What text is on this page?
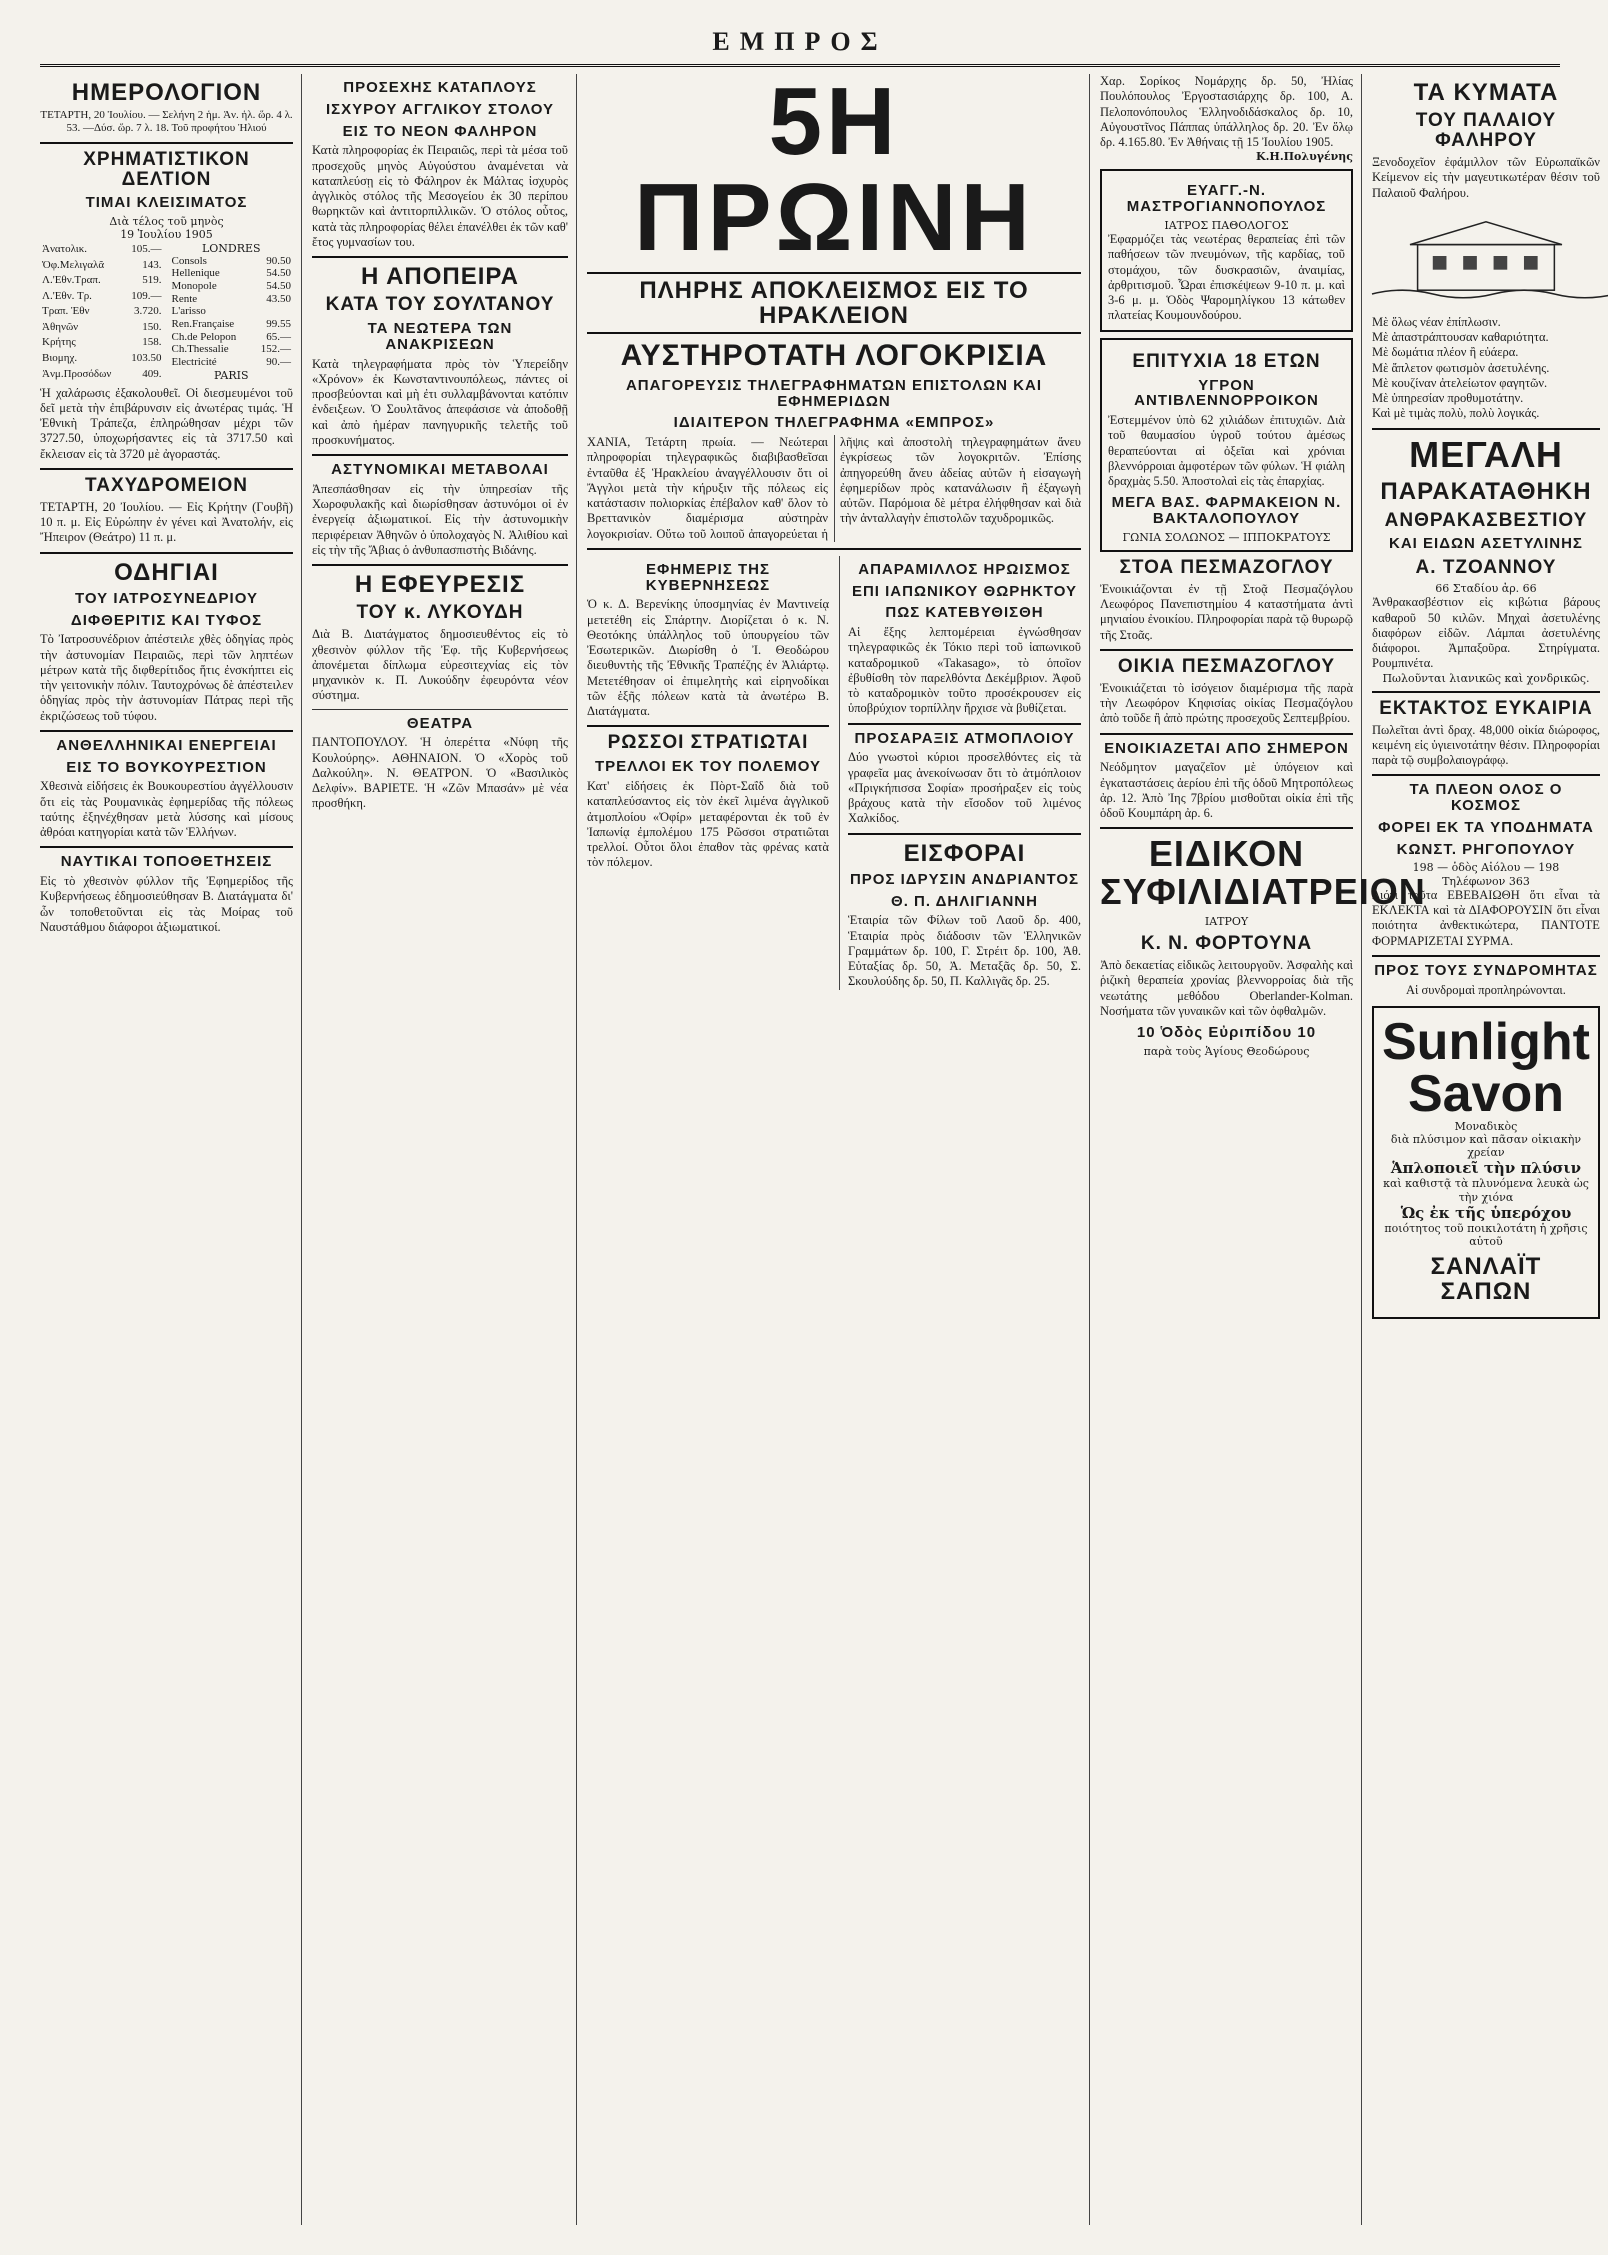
ΕΜΠΡΟΣ
ΗΜΕΡΟΛΟΓΙΟΝ
ΤΕΤΑΡΤΗ, 20 Ἰουλίου. — Σελήνη 2 ἡμ. Ἀν. ἡλ. ὥρ. 4 λ. 53. —Δύσ. ὥρ. 7 λ. 18. Τοῦ προφήτου Ἠλιού
ΧΡΗΜΑΤΙΣΤΙΚΟΝ ΔΕΛΤΙΟΝ
ΤΙΜΑΙ ΚΛΕΙΣΙΜΑΤΟΣ
Διὰ τέλος τοῦ μηνὸς
19 Ἰουλίου 1905
Ἀνατολικ.	105.—
Ὀφ.Μελιγαλᾶ	143.
Λ.'Εθν.Τραπ.	519.
Λ.'Εθν. Τρ.	109.—
Τραπ. Ἐθν	3.720.
Ἀθηνῶν	150.
Κρήτης	158.
Βιομηχ.	103.50
Ἀνμ.Προσόδων	409.
LONDRES
Consols	90.50
Hellenique	54.50
Monopole	54.50
Rente	43.50
L'arisso	
Ren.Française	99.55
Ch.de Pelopon	65.—
Ch.Thessalie	152.—
Electricité	90.—
PARIS
Ἡ χαλάρωσις ἐξακολουθεῖ. Οἱ διεσμευμένοι τοῦ δεῖ μετὰ τὴν ἐπιβάρυνσιν εἰς ἀνωτέρας τιμάς. Ἡ Ἐθνικὴ Τράπεζα, ἐπληρώθησαν μέχρι τῶν 3727.50, ὑποχωρήσαντες εἰς τὰ 3717.50 καὶ ἔκλεισαν εἰς τὰ 3720 μὲ ἀγοραστάς.
ΤΑΧΥΔΡΟΜΕΙΟΝ
ΤΕΤΑΡΤΗ, 20 Ἰουλίου. — Εἰς Κρήτην (Γουβῆ) 10 π. μ. Εἰς Εὐρώπην ἐν γένει καὶ Ἀνατολήν, εἰς Ἤπειρον (Θεάτρο) 11 π. μ.
ΟΔΗΓΙΑΙ
ΤΟΥ ΙΑΤΡΟΣΥΝΕΔΡΙΟΥ
ΔΙΦΘΕΡΙΤΙΣ ΚΑΙ ΤΥΦΟΣ
Τὸ Ἰατροσυνέδριον ἀπέστειλε χθὲς ὁδηγίας πρὸς τὴν ἀστυνομίαν Πειραιῶς, περὶ τῶν ληπτέων μέτρων κατὰ τῆς διφθερίτιδος ἥτις ἐνσκήπτει εἰς τὴν γειτονικὴν πόλιν. Ταυτοχρόνως δὲ ἀπέστειλεν ὁδηγίας πρὸς τὴν ἀστυνομίαν Πάτρας περὶ τῆς ἐκριζώσεως τοῦ τύφου.
ΑΝΘΕΛΛΗΝΙΚΑΙ ΕΝΕΡΓΕΙΑΙ
ΕΙΣ ΤΟ ΒΟΥΚΟΥΡΕΣΤΙΟΝ
Χθεσινὰ εἰδήσεις ἐκ Βουκουρεστίου ἀγγέλλουσιν ὅτι εἰς τὰς Ρουμανικὰς ἐφημερίδας τῆς πόλεως ταύτης ἐξηνέχθησαν μετὰ λύσσης καὶ μίσους ἀθρόαι κατηγορίαι κατὰ τῶν Ἑλλήνων.
ΝΑΥΤΙΚΑΙ ΤΟΠΟΘΕΤΗΣΕΙΣ
Εἰς τὸ χθεσινὸν φύλλον τῆς Ἐφημερίδος τῆς Κυβερνήσεως ἐδημοσιεύθησαν Β. Διατάγματα δι' ὧν τοποθετοῦνται εἰς τὰς Μοίρας τοῦ Ναυστάθμου διάφοροι ἀξιωματικοί.
ΠΡΟΣΕΧΗΣ ΚΑΤΑΠΛΟΥΣ
ΙΣΧΥΡΟΥ ΑΓΓΛΙΚΟΥ ΣΤΟΛΟΥ
ΕΙΣ ΤΟ ΝΕΟΝ ΦΑΛΗΡΟΝ
Κατὰ πληροφορίας ἐκ Πειραιῶς, περὶ τὰ μέσα τοῦ προσεχοῦς μηνὸς Αὐγούστου ἀναμένεται νὰ καταπλεύσῃ εἰς τὸ Φάληρον ἐκ Μάλτας ἰσχυρὸς ἀγγλικὸς στόλος τῆς Μεσογείου ἐκ 30 περίπου θωρηκτῶν καὶ ἀντιτορπιλλικῶν. Ὁ στόλος οὗτος, κατὰ τὰς πληροφορίας θέλει ἐπανέλθει ἐκ τῶν καθ' ἔτος γυμνασίων του.
Η ΑΠΟΠΕΙΡΑ
ΚΑΤΑ ΤΟΥ ΣΟΥΛΤΑΝΟΥ
ΤΑ ΝΕΩΤΕΡΑ ΤΩΝ ΑΝΑΚΡΙΣΕΩΝ
Κατὰ τηλεγραφήματα πρὸς τὸν Ὑπερείδην «Χρόνον» ἐκ Κωνσταντινουπόλεως, πάντες οἱ προσβεύονται καὶ μὴ ἐτι συλλαμβάνονται κατόπιν ἐνδειξεων. Ὁ Σουλτᾶνος ἀπεφάσισε νὰ ἀποδοθῇ καὶ ἀπὸ ἡμέραν πανηγυρικῆς τελετῆς τοῦ προσκυνήματος.
ΑΣΤΥΝΟΜΙΚΑΙ ΜΕΤΑΒΟΛΑΙ
Ἀπεσπάσθησαν εἰς τὴν ὑπηρεσίαν τῆς Χωροφυλακῆς καὶ διωρίσθησαν ἀστυνόμοι οἱ ἐν ἐνεργείᾳ ἀξιωματικοί. Εἰς τὴν ἀστυνομικὴν περιφέρειαν Ἀθηνῶν ὁ ὑπολοχαγὸς Ν. Ἀλιθίου καὶ εἰς τὴν τῆς Ἄβιας ὁ ἀνθυπασπιστὴς Βιδάνης.
Η ΕΦΕΥΡΕΣΙΣ
ΤΟΥ κ. ΛΥΚΟΥΔΗ
Διὰ Β. Διατάγματος δημοσιευθέντος εἰς τὸ χθεσινὸν φύλλον τῆς Ἐφ. τῆς Κυβερνήσεως ἀπονέμεται δίπλωμα εὑρεσιτεχνίας εἰς τὸν μηχανικὸν κ. Π. Λυκούδην ἐφευρόντα νέον σύστημα.
ΘΕΑΤΡΑ
ΠΑΝΤΟΠΟΥΛΟΥ. Ἡ ὀπερέττα «Νύφη τῆς Κουλούρης». ΑΘΗΝΑΙΟΝ. Ὁ «Χορὸς τοῦ Δαλκούλη». Ν. ΘΕΑΤΡΟΝ. Ὁ «Βασιλικὸς Δελφίν». ΒΑΡΙΕΤΕ. Ἡ «Ζῶν Μπασάν» μὲ νέα προσθήκη.
5Η ΠΡΩΙΝΗ
ΠΛΗΡΗΣ ΑΠΟΚΛΕΙΣΜΟΣ ΕΙΣ ΤΟ ΗΡΑΚΛΕΙΟΝ
ΑΥΣΤΗΡΟΤΑΤΗ ΛΟΓΟΚΡΙΣΙΑ
ΑΠΑΓΟΡΕΥΣΙΣ ΤΗΛΕΓΡΑΦΗΜΑΤΩΝ ΕΠΙΣΤΟΛΩΝ ΚΑΙ ΕΦΗΜΕΡΙΔΩΝ
ΙΔΙΑΙΤΕΡΟΝ ΤΗΛΕΓΡΑΦΗΜΑ «ΕΜΠΡΟΣ»
ΧΑΝΙΑ, Τετάρτη πρωία. — Νεώτεραι πληροφορίαι τηλεγραφικῶς διαβιβασθεῖσαι ἐνταῦθα ἐξ Ἡρακλείου ἀναγγέλλουσιν ὅτι οἱ Ἄγγλοι μετὰ τὴν κήρυξιν τῆς πόλεως εἰς κατάστασιν πολιορκίας ἐπέβαλον καθ' ὅλον τὸ Βρεττανικὸν διαμέρισμα αὐστηρὰν λογοκρισίαν. Οὕτω τοῦ λοιποῦ ἀπαγορεύεται ἡ λῆψις καὶ ἀποστολὴ τηλεγραφημάτων ἄνευ ἐγκρίσεως τῶν λογοκριτῶν. Ἐπίσης ἀπηγορεύθη ἄνευ ἀδείας αὐτῶν ἡ εἰσαγωγὴ ἐφημερίδων πρὸς κατανάλωσιν ἢ ἐξαγωγὴ αὐτῶν. Παρόμοια δὲ μέτρα ἐλήφθησαν καὶ διὰ τὴν ἀνταλλαγὴν ἐπιστολῶν ταχυδρομικῶς.
ΕΦΗΜΕΡΙΣ ΤΗΣ ΚΥΒΕΡΝΗΣΕΩΣ
Ὁ κ. Δ. Βερενίκης ὑποσμηνίας ἐν Μαντινείᾳ μετετέθη εἰς Σπάρτην. Διορίζεται ὁ κ. Ν. Θεοτόκης ὑπάλληλος τοῦ ὑπουργείου τῶν Ἐσωτερικῶν. Διωρίσθη ὁ Ἰ. Θεοδώρου διευθυντὴς τῆς Ἐθνικῆς Τραπέζης ἐν Ἁλιάρτῳ. Μετετέθησαν οἱ ἐπιμελητὴς καὶ εἰρηνοδίκαι τῶν ἑξῆς πόλεων κατὰ τὰ ἀνωτέρω Β. Διατάγματα.
ΡΩΣΣΟΙ ΣΤΡΑΤΙΩΤΑΙ
ΤΡΕΛΛΟΙ ΕΚ ΤΟΥ ΠΟΛΕΜΟΥ
Κατ' εἰδήσεις ἐκ Πὸρτ-Σαΐδ διὰ τοῦ καταπλεύσαντος εἰς τὸν ἐκεῖ λιμένα ἀγγλικοῦ ἀτμοπλοίου «Ὀφίρ» μεταφέρονται ἐκ τοῦ ἐν Ἰαπωνίᾳ ἐμπολέμου 175 Ρῶσσοι στρατιῶται τρελλοί. Οὗτοι ὅλοι ἐπαθον τὰς φρένας κατὰ τὸν πόλεμον.
ΑΠΑΡΑΜΙΛΛΟΣ ΗΡΩΙΣΜΟΣ
ΕΠΙ ΙΑΠΩΝΙΚΟΥ ΘΩΡΗΚΤΟΥ
ΠΩΣ ΚΑΤΕΒΥΘΙΣΘΗ
Αἱ ἔξης λεπτομέρειαι ἐγνώσθησαν τηλεγραφικῶς ἐκ Τόκιο περὶ τοῦ ἰαπωνικοῦ καταδρομικοῦ «Takasago», τὸ ὁποῖον ἐβυθίσθη τὸν παρελθόντα Δεκέμβριον. Ἀφοῦ τὸ καταδρομικὸν τοῦτο προσέκρουσεν εἰς ὑποβρύχιον τορπίλλην ἤρχισε νὰ βυθίζεται.
ΠΡΟΣΑΡΑΞΙΣ ΑΤΜΟΠΛΟΙΟΥ
Δύο γνωστοὶ κύριοι προσελθόντες εἰς τὰ γραφεῖα μας ἀνεκοίνωσαν ὅτι τὸ ἀτμόπλοιον «Πριγκήπισσα Σοφία» προσήραξεν εἰς τοὺς βράχους κατὰ τὴν εἴσοδον τοῦ λιμένος Χαλκίδος.
ΕΙΣΦΟΡΑΙ
ΠΡΟΣ ΙΔΡΥΣΙΝ ΑΝΔΡΙΑΝΤΟΣ
Θ. Π. ΔΗΛΙΓΙΑΝΝΗ
Ἑταιρία τῶν Φίλων τοῦ Λαοῦ δρ. 400, Ἑταιρία πρὸς διάδοσιν τῶν Ἑλληνικῶν Γραμμάτων δρ. 100, Γ. Στρέιτ δρ. 100, Ἀθ. Εὐταξίας δρ. 50, Ἀ. Μεταξᾶς δρ. 50, Σ. Σκουλούδης δρ. 50, Π. Καλλιγᾶς δρ. 25.
Χαρ. Σορίκος Νομάρχης δρ. 50, Ἠλίας Πουλόπουλος Ἐργοστασιάρχης δρ. 100, Α. Πελοπονόπουλος Ἑλληνοδιδάσκαλος δρ. 10, Αὐγουστῖνος Πάππας ὑπάλληλος δρ. 20. Ἐν ὅλῳ δρ. 4.165.80. Ἐν Ἀθήναις τῇ 15 Ἰουλίου 1905.
Κ.Η.Πολυγένης
ΕΥΑΓΓ.-Ν. ΜΑΣΤΡΟΓΙΑΝΝΟΠΟΥΛΟΣ
ΙΑΤΡΟΣ ΠΑΘΟΛΟΓΟΣ
Ἐφαρμόζει τὰς νεωτέρας θεραπείας ἐπὶ τῶν παθήσεων τῶν πνευμόνων, τῆς καρδίας, τοῦ στομάχου, τῶν δυσκρασιῶν, ἀναιμίας, ἀρθριτισμοῦ. Ὧραι ἐπισκέψεων 9-10 π. μ. καὶ 3-6 μ. μ. Ὁδὸς Ψαρομηλίγκου 13 κάτωθεν πλατείας Κουμουνδούρου.
ΕΠΙΤΥΧΙΑ 18 ΕΤΩΝ
ΥΓΡΟΝ ΑΝΤΙΒΛΕΝΝΟΡΡΟΙΚΟΝ
Ἐστεμμένον ὑπὸ 62 χιλιάδων ἐπιτυχιῶν. Διὰ τοῦ θαυμασίου ὑγροῦ τούτου ἀμέσως θεραπεύονται αἱ ὀξεῖαι καὶ χρόνιαι βλεννόρροιαι ἀμφοτέρων τῶν φύλων. Ἡ φιάλη δραχμὰς 5.50. Ἀποστολαὶ εἰς τὰς ἐπαρχίας.
ΜΕΓΑ ΒΑΣ. ΦΑΡΜΑΚΕΙΟΝ Ν. ΒΑΚΤΑΛΟΠΟΥΛΟΥ
ΓΩΝΙΑ ΣΟΛΩΝΟΣ — ΙΠΠΟΚΡΑΤΟΥΣ
ΣΤΟΑ ΠΕΣΜΑΖΟΓΛΟΥ
Ἐνοικιάζονται ἐν τῇ Στοᾷ Πεσμαζόγλου Λεωφόρος Πανεπιστημίου 4 καταστήματα ἀντὶ μηνιαίου ἐνοικίου. Πληροφορίαι παρὰ τῷ θυρωρῷ τῆς Στοᾶς.
ΟΙΚΙΑ ΠΕΣΜΑΖΟΓΛΟΥ
Ἐνοικιάζεται τὸ ἰσόγειον διαμέρισμα τῆς παρὰ τὴν Λεωφόρον Κηφισίας οἰκίας Πεσμαζόγλου ἀπὸ τοῦδε ἢ ἀπὸ πρώτης προσεχοῦς Σεπτεμβρίου.
ΕΝΟΙΚΙΑΖΕΤΑΙ ΑΠΟ ΣΗΜΕΡΟΝ
Νεόδμητον μαγαζεῖον μὲ ὑπόγειον καὶ ἐγκαταστάσεις ἀερίου ἐπὶ τῆς ὁδοῦ Μητροπόλεως ἀρ. 12. Ἀπὸ Ἰης 7βρίου μισθοῦται οἰκία ἐπὶ τῆς ὁδοῦ Κουμπάρη ἀρ. 6.
ΕΙΔΙΚΟΝ ΣΥΦΙΛΙΔΙΑΤΡΕΙΟΝ
ΙΑΤΡΟΥ
Κ. Ν. ΦΟΡΤΟΥΝΑ
Ἀπὸ δεκαετίας εἰδικῶς λειτουργοῦν. Ἀσφαλὴς καὶ ῥιζικὴ θεραπεία χρονίας βλεννορροίας διὰ τῆς νεωτάτης μεθόδου Oberlander-Kolman. Νοσήματα τῶν γυναικῶν καὶ τῶν ὀφθαλμῶν.
10 Ὁδὸς Εὐριπίδου 10
παρὰ τοὺς Ἁγίους Θεοδώρους
ΤΑ ΚΥΜΑΤΑ
ΤΟΥ ΠΑΛΑΙΟΥ ΦΑΛΗΡΟΥ
Ξενοδοχεῖον ἐφάμιλλον τῶν Εὐρωπαϊκῶν Κείμενον εἰς τὴν μαγευτικωτέραν θέσιν τοῦ Παλαιοῦ Φαλήρου.
Μὲ ὅλως νέαν ἐπίπλωσιν.
Μὲ ἀπαστράπτουσαν καθαριότητα.
Μὲ δωμάτια πλέον ἢ εὐάερα.
Μὲ ἄπλετον φωτισμὸν ἀσετυλένης.
Μὲ κουζίναν ἀτελείωτον φαγητῶν.
Μὲ ὑπηρεσίαν προθυμοτάτην.
Καὶ μὲ τιμὰς πολὺ, πολὺ λογικάς.
ΜΕΓΑΛΗ
ΠΑΡΑΚΑΤΑΘΗΚΗ
ΑΝΘΡΑΚΑΣΒΕΣΤΙΟΥ
ΚΑΙ ΕΙΔΩΝ ΑΣΕΤΥΛΙΝΗΣ
Α. ΤΖΟΑΝΝΟΥ
66 Σταδίου ἀρ. 66
Ἀνθρακασβέστιον εἰς κιβώτια βάρους καθαροῦ 50 κιλῶν. Μηχαὶ ἀσετυλένης διαφόρων εἰδῶν. Λάμπαι ἀσετυλένης διάφοροι. Ἀμπαξοῦρα. Στηρίγματα. Ρουμπινέτα.
Πωλοῦνται λιανικῶς καὶ χονδρικῶς.
ΕΚΤΑΚΤΟΣ ΕΥΚΑΙΡΙΑ
Πωλεῖται ἀντὶ δραχ. 48,000 οἰκία διώροφος, κειμένη εἰς ὑγιεινοτάτην θέσιν. Πληροφορίαι παρὰ τῷ συμβολαιογράφῳ.
ΤΑ ΠΛΕΟΝ ΟΛΟΣ Ο ΚΟΣΜΟΣ
ΦΟΡΕΙ ΕΚ ΤΑ ΥΠΟΔΗΜΑΤΑ
ΚΩΝΣΤ. ΡΗΓΟΠΟΥΛΟΥ
198 — ὁδὸς Αἰόλου — 198
Τηλέφωνον 363
Διότι ταῦτα ΕΒΕΒΑΙΩΘΗ ὅτι εἶναι τὰ ΕΚΛΕΚΤΑ καὶ τὰ ΔΙΑΦΟΡΟΥΣΙΝ ὅτι εἶναι ποιότητα ἀνθεκτικώτερα, ΠΑΝΤΟΤΕ ΦΟΡΜΑΡΙΖΕΤΑΙ ΣΥΡΜΑ.
ΠΡΟΣ ΤΟΥΣ ΣΥΝΔΡΟΜΗΤΑΣ
Αἱ συνδρομαὶ προπληρώνονται.
Sunlight Savon
Μοναδικὸς
διὰ πλύσιμον καὶ πᾶσαν οἰκιακὴν χρείαν
Ἁπλοποιεῖ τὴν πλύσιν
καὶ καθιστᾷ τὰ πλυνόμενα λευκὰ ὡς τὴν χιόνα
Ὡς ἐκ τῆς ὑπερόχου
ποιότητος τοῦ ποικιλοτάτη ἡ χρῆσις αὐτοῦ
ΣΑΝΛΑΪΤ ΣΑΠΩΝ
